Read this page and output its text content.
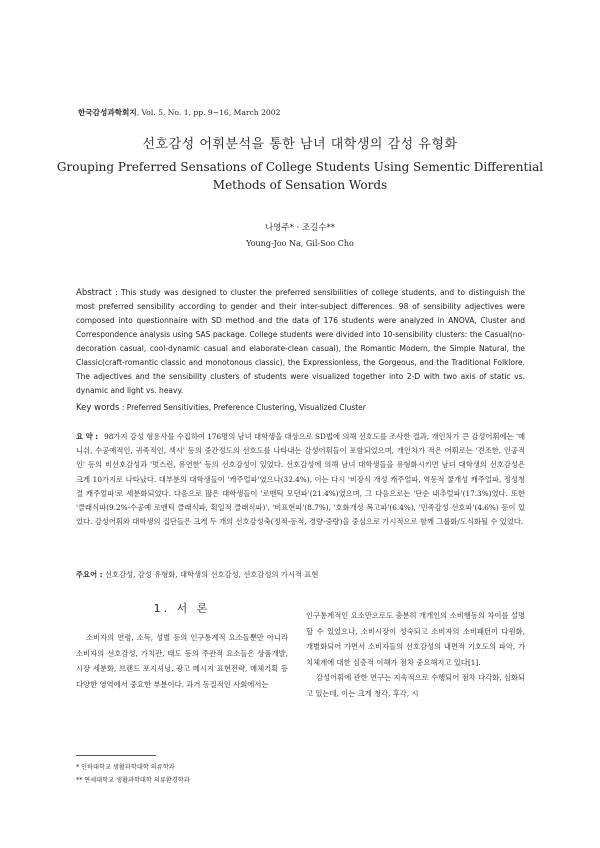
한국감성과학회지, Vol. 5, No. 1, pp. 9~16, March 2002
선호감성 어휘분석을 통한 남녀 대학생의 감성 유형화
Grouping Preferred Sensations of College Students Using Sementic Differential
Methods of Sensation Words
나영주* · 조길수**
Young-Joo Na, Gil-Soo Cho
Abstract : This study was designed to cluster the preferred sensibilities of college students, and to distinguish the most preferred sensibility according to gender and their inter-subject differences. 98 of sensibility adjectives were composed into questionnaire with SD method and the data of 176 students were analyzed in ANOVA, Cluster and Correspondence analysis using SAS package. College students were divided into 10-sensibility clusters: the Casual(no-decoration casual, cool-dynamic casual and elaborate-clean casual), the Romantic Modern, the Simple Natural, the Classic(craft-romantic classic and monotonous classic), the Expressionless, the Gorgeous, and the Traditional Folklore. The adjectives and the sensibility clusters of students were visualized together into 2-D with two axis of static vs. dynamic and light vs. heavy.
Key words : Preferred Sensitivities, Preference Clustering, Visualized Cluster
요 약 : 98가지 감성 형용사를 수집하여 176명의 남녀 대학생을 대상으로 SD법에 의해 선호도를 조사한 결과, 개인차가 큰 감성어휘에는 '매니쉬, 수공예적인, 귀족적인, 섹시' 등의 중간정도의 선호도를 나타내는 감성어휘들이 포함되었으며, 개인차가 적은 어휘로는 '견조한, 인공적인' 등의 비선호감성과 '멋스런, 유연한' 등의 선호감성이 있었다. 선호감성에 의해 남녀 대학생들을 유형화시키면 남녀 대학생의 선호감성은 크게 10가지로 나타났다. 대부분의 대학생들이 '캐주얼파'였으나(32.4%), 이는 다시 '비장식 개성 캐주얼파, 역동적 쿨개성 캐주얼파, 정성청결 캐주얼파'로 세분화되었다. 다음으로 많은 대학생들이 '로맨틱 모던파'(21.4%)였으며, 그 다음으로는 '단순 내추럴파'(17.3%)였다. 또한 '클래식파(9.2%-수공예 로맨틱 클래식파, 획일적 클래식파)', '비표현파'(8.7%), '호화개성 복고파'(6.4%), '민족감성 선호파'(4.6%) 등이 있었다. 감성어휘와 대학생의 집단들은 크게 두 개의 선호감성축(정적-동적, 경량-중량)을 중심으로 가시적으로 함께 그룹화/도식화될 수 있었다.
주요어 : 선호감성, 감성 유형화, 대학생의 선호감성, 선호감성의 가시적 표현
1. 서 론
소비자의 연령, 소득, 성별 등의 인구통계적 요소들뿐만 아니라 소비자의 선호감성, 가치관, 태도 등의 주관적 요소들은 상품개발, 시장 세분화, 브랜드 포지셔닝, 광고 메시지 표현전략, 매체기획 등 다양한 영역에서 중요한 부분이다. 과거 동질적인 사회에서는

인구통계적인 요소만으로도 충분히 개개인의 소비행동의 차이를 설명할 수 있었으나, 소비시장이 성숙되고 소비자의 소비패턴이 다원화, 개별화되어 가면서 소비자들의 선호감성의 내면적 기호도의 파악, 가치체계에 대한 심층적 이해가 점차 중요해지고 있다[1].

감성어휘에 관한 연구는 지속적으로 수행되어 점차 다각화, 심화되고 있는데, 이는 크게 청각, 후각, 시

* 인하대학교 생활과학대학 의류학과
** 연세대학교 생활과학대학 의류환경학과
